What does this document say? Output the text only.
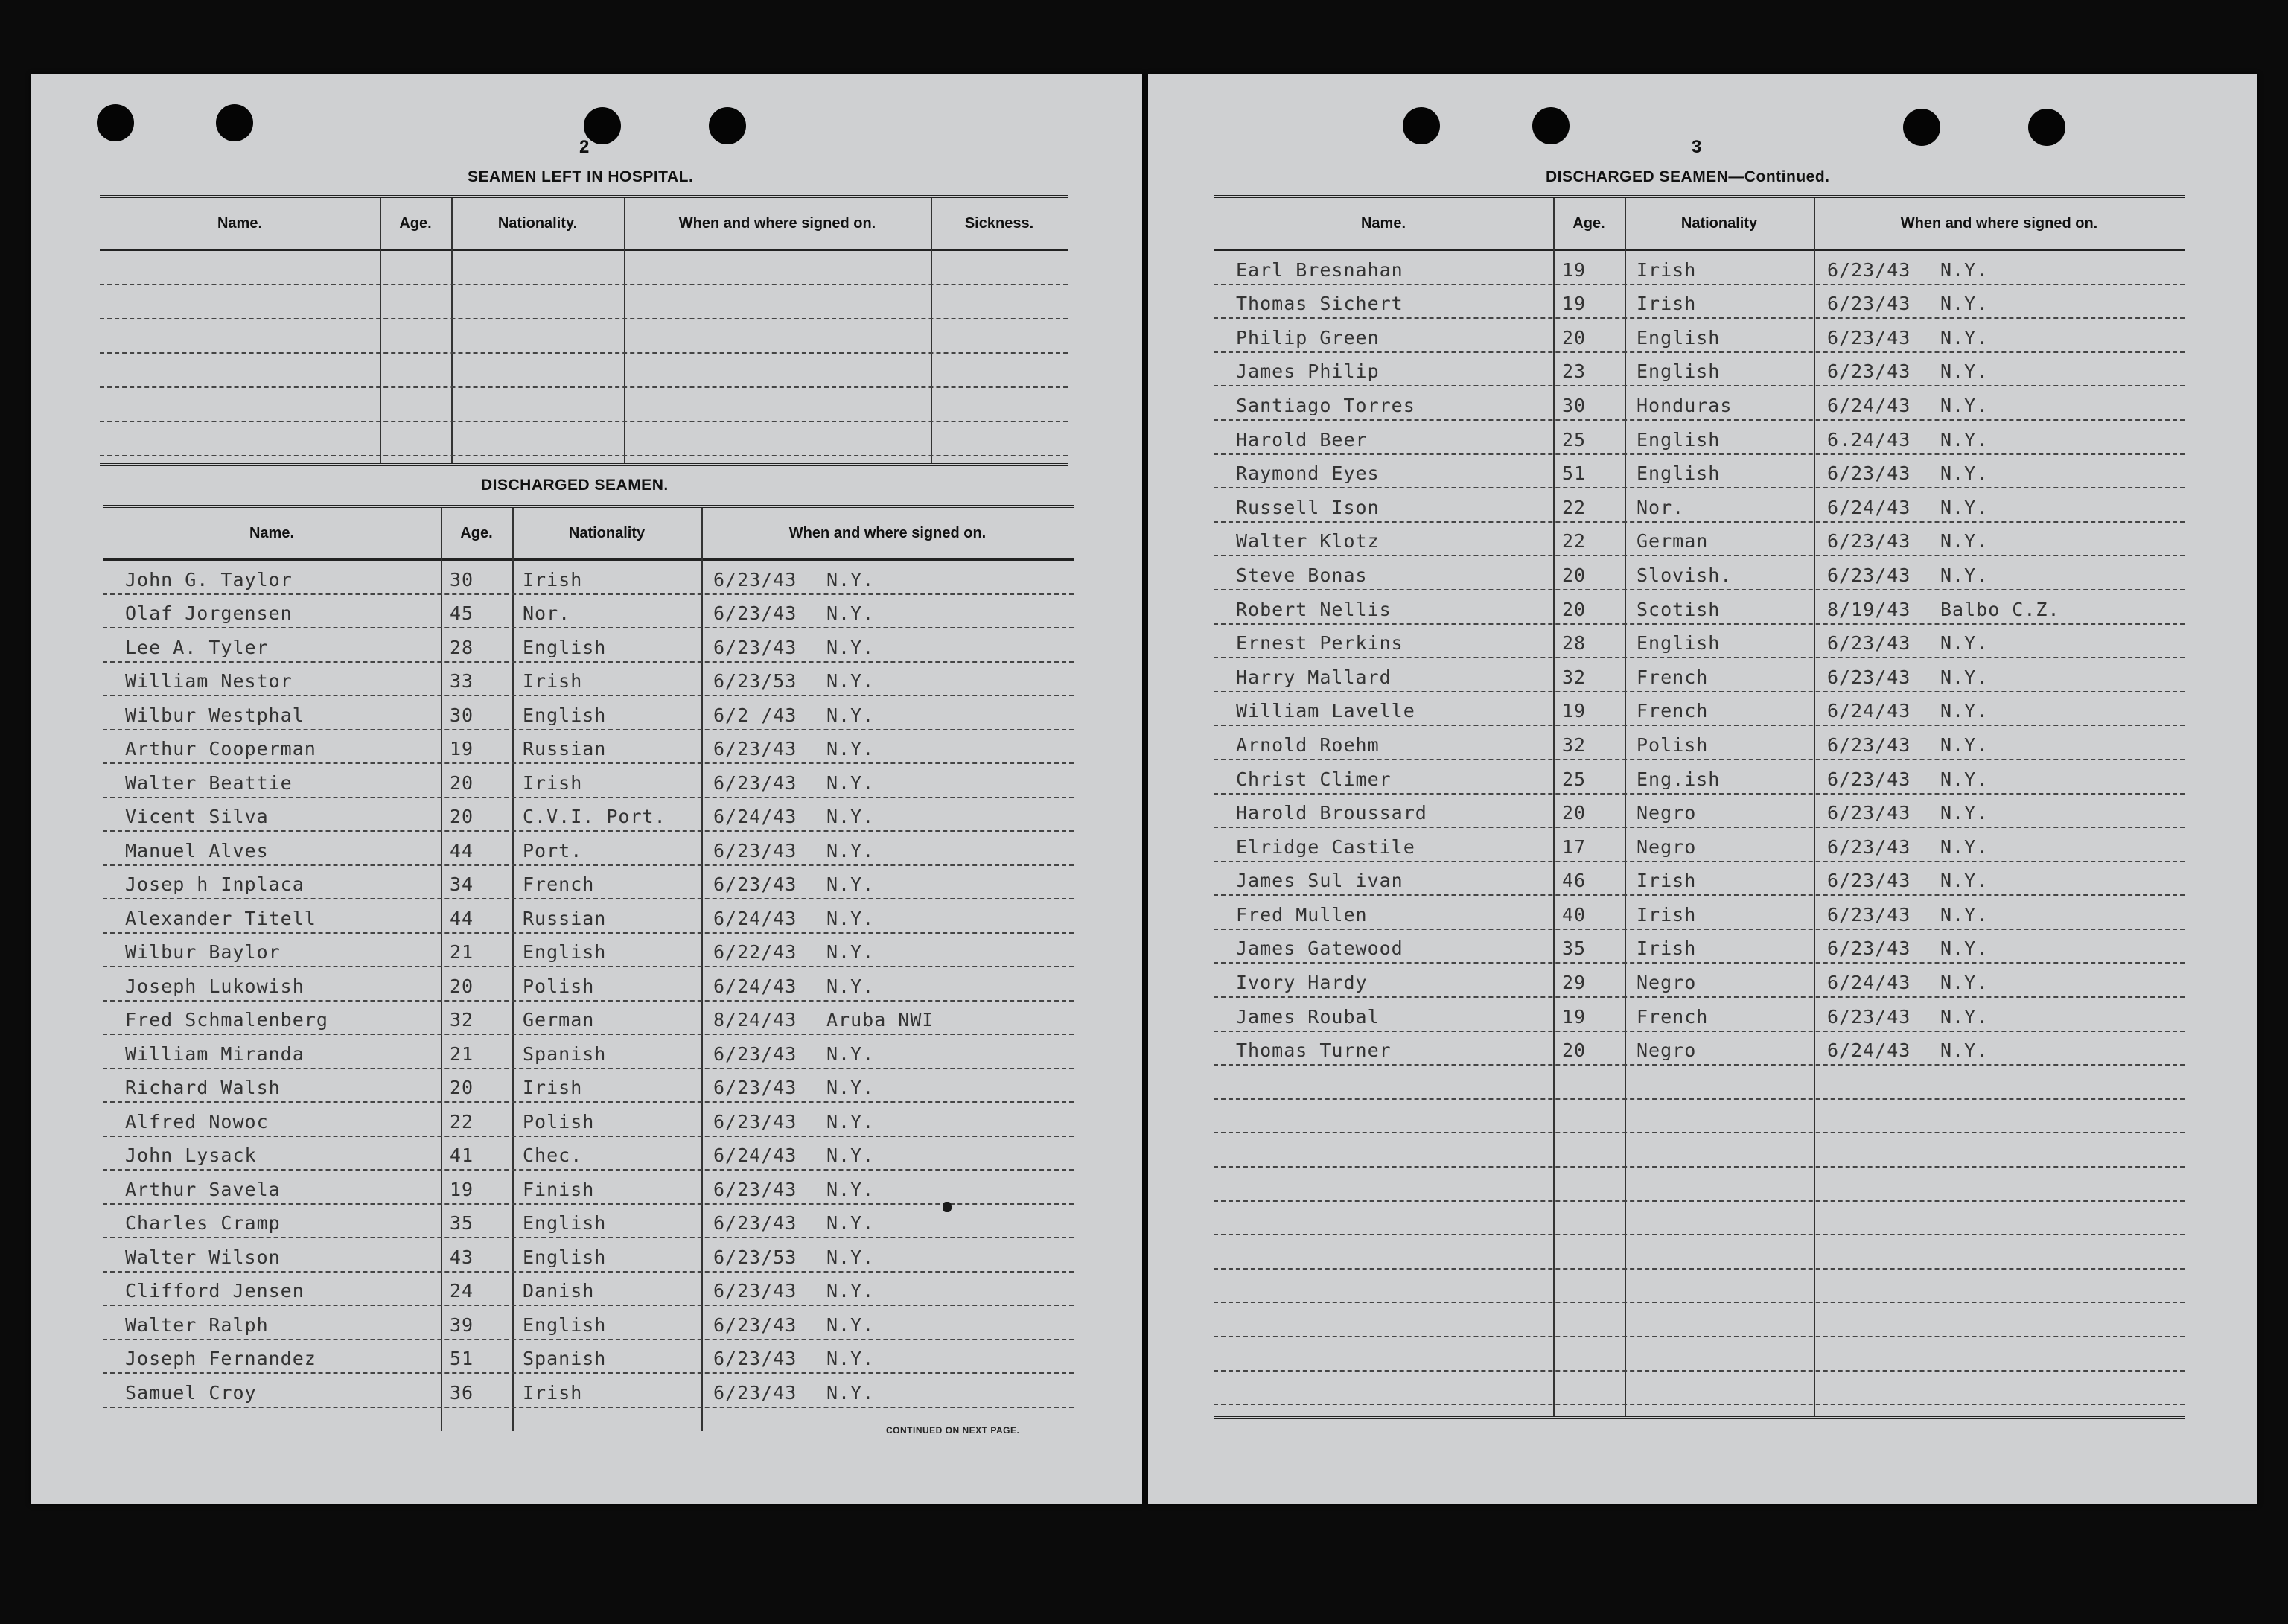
2
SEAMEN LEFT IN HOSPITAL.
Name.	Age.	Nationality.	When and where signed on.	Sickness.
DISCHARGED SEAMEN.
Name.	Age.	Nationality	When and where signed on.
John G. Taylor	30	Irish	6/23/43 N.Y.
Olaf Jorgensen	45	Nor.	6/23/43 N.Y.
Lee A. Tyler	28	English	6/23/43 N.Y.
William Nestor	33	Irish	6/23/53 N.Y.
Wilbur Westphal	30	English	6/2 /43 N.Y.
Arthur Cooperman	19	Russian	6/23/43 N.Y.
Walter Beattie	20	Irish	6/23/43 N.Y.
Vicent Silva	20	C.V.I. Port.	6/24/43 N.Y.
Manuel Alves	44	Port.	6/23/43 N.Y.
Josep h Inplaca	34	French	6/23/43 N.Y.
Alexander Titell	44	Russian	6/24/43 N.Y.
Wilbur Baylor	21	English	6/22/43 N.Y.
Joseph Lukowish	20	Polish	6/24/43 N.Y.
Fred Schmalenberg	32	German	8/24/43 Aruba NWI
William Miranda	21	Spanish	6/23/43 N.Y.
Richard Walsh	20	Irish	6/23/43 N.Y.
Alfred Nowoc	22	Polish	6/23/43 N.Y.
John Lysack	41	Chec.	6/24/43 N.Y.
Arthur Savela	19	Finish	6/23/43 N.Y.
Charles Cramp	35	English	6/23/43 N.Y.
Walter Wilson	43	English	6/23/53 N.Y.
Clifford Jensen	24	Danish	6/23/43 N.Y.
Walter Ralph	39	English	6/23/43 N.Y.
Joseph Fernandez	51	Spanish	6/23/43 N.Y.
Samuel Croy	36	Irish	6/23/43 N.Y.
CONTINUED ON NEXT PAGE.
3
DISCHARGED SEAMEN—Continued.
Name.	Age.	Nationality	When and where signed on.
Earl Bresnahan	19	Irish	6/23/43 N.Y.
Thomas Sichert	19	Irish	6/23/43 N.Y.
Philip Green	20	English	6/23/43 N.Y.
James Philip	23	English	6/23/43 N.Y.
Santiago Torres	30	Honduras	6/24/43 N.Y.
Harold Beer	25	English	6.24/43 N.Y.
Raymond Eyes	51	English	6/23/43 N.Y.
Russell Ison	22	Nor.	6/24/43 N.Y.
Walter Klotz	22	German	6/23/43 N.Y.
Steve Bonas	20	Slovish.	6/23/43 N.Y.
Robert Nellis	20	Scotish	8/19/43 Balbo C.Z.
Ernest Perkins	28	English	6/23/43 N.Y.
Harry Mallard	32	French	6/23/43 N.Y.
William Lavelle	19	French	6/24/43 N.Y.
Arnold Roehm	32	Polish	6/23/43 N.Y.
Christ Climer	25	Eng.ish	6/23/43 N.Y.
Harold Broussard	20	Negro	6/23/43 N.Y.
Elridge Castile	17	Negro	6/23/43 N.Y.
James Sul ivan	46	Irish	6/23/43 N.Y.
Fred Mullen	40	Irish	6/23/43 N.Y.
James Gatewood	35	Irish	6/23/43 N.Y.
Ivory Hardy	29	Negro	6/24/43 N.Y.
James Roubal	19	French	6/23/43 N.Y.
Thomas Turner	20	Negro	6/24/43 N.Y.
